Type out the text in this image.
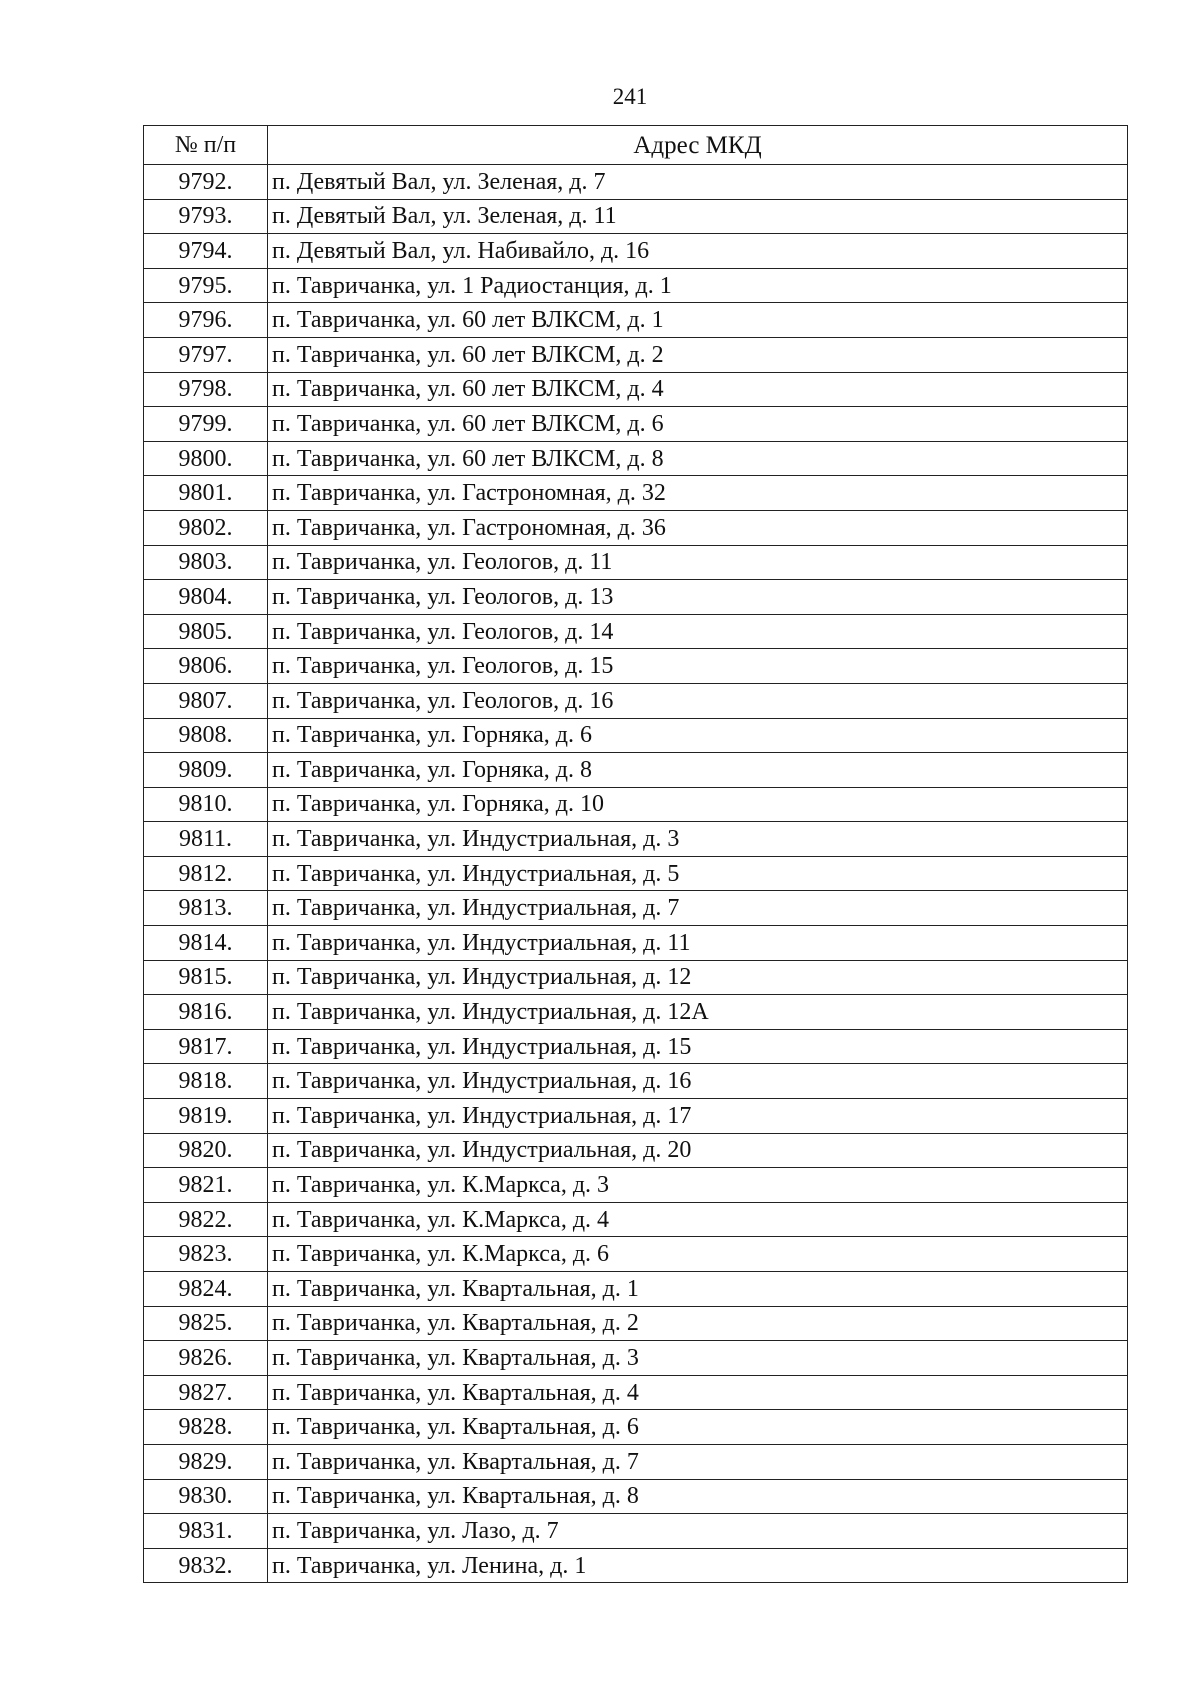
241
№ п/п	Адрес МКД
9792.	п. Девятый Вал, ул. Зеленая, д. 7
9793.	п. Девятый Вал, ул. Зеленая, д. 11
9794.	п. Девятый Вал, ул. Набивайло, д. 16
9795.	п. Тавричанка, ул. 1 Радиостанция, д. 1
9796.	п. Тавричанка, ул. 60 лет ВЛКСМ, д. 1
9797.	п. Тавричанка, ул. 60 лет ВЛКСМ, д. 2
9798.	п. Тавричанка, ул. 60 лет ВЛКСМ, д. 4
9799.	п. Тавричанка, ул. 60 лет ВЛКСМ, д. 6
9800.	п. Тавричанка, ул. 60 лет ВЛКСМ, д. 8
9801.	п. Тавричанка, ул. Гастрономная, д. 32
9802.	п. Тавричанка, ул. Гастрономная, д. 36
9803.	п. Тавричанка, ул. Геологов, д. 11
9804.	п. Тавричанка, ул. Геологов, д. 13
9805.	п. Тавричанка, ул. Геологов, д. 14
9806.	п. Тавричанка, ул. Геологов, д. 15
9807.	п. Тавричанка, ул. Геологов, д. 16
9808.	п. Тавричанка, ул. Горняка, д. 6
9809.	п. Тавричанка, ул. Горняка, д. 8
9810.	п. Тавричанка, ул. Горняка, д. 10
9811.	п. Тавричанка, ул. Индустриальная, д. 3
9812.	п. Тавричанка, ул. Индустриальная, д. 5
9813.	п. Тавричанка, ул. Индустриальная, д. 7
9814.	п. Тавричанка, ул. Индустриальная, д. 11
9815.	п. Тавричанка, ул. Индустриальная, д. 12
9816.	п. Тавричанка, ул. Индустриальная, д. 12А
9817.	п. Тавричанка, ул. Индустриальная, д. 15
9818.	п. Тавричанка, ул. Индустриальная, д. 16
9819.	п. Тавричанка, ул. Индустриальная, д. 17
9820.	п. Тавричанка, ул. Индустриальная, д. 20
9821.	п. Тавричанка, ул. К.Маркса, д. 3
9822.	п. Тавричанка, ул. К.Маркса, д. 4
9823.	п. Тавричанка, ул. К.Маркса, д. 6
9824.	п. Тавричанка, ул. Квартальная, д. 1
9825.	п. Тавричанка, ул. Квартальная, д. 2
9826.	п. Тавричанка, ул. Квартальная, д. 3
9827.	п. Тавричанка, ул. Квартальная, д. 4
9828.	п. Тавричанка, ул. Квартальная, д. 6
9829.	п. Тавричанка, ул. Квартальная, д. 7
9830.	п. Тавричанка, ул. Квартальная, д. 8
9831.	п. Тавричанка, ул. Лазо, д. 7
9832.	п. Тавричанка, ул. Ленина, д. 1
